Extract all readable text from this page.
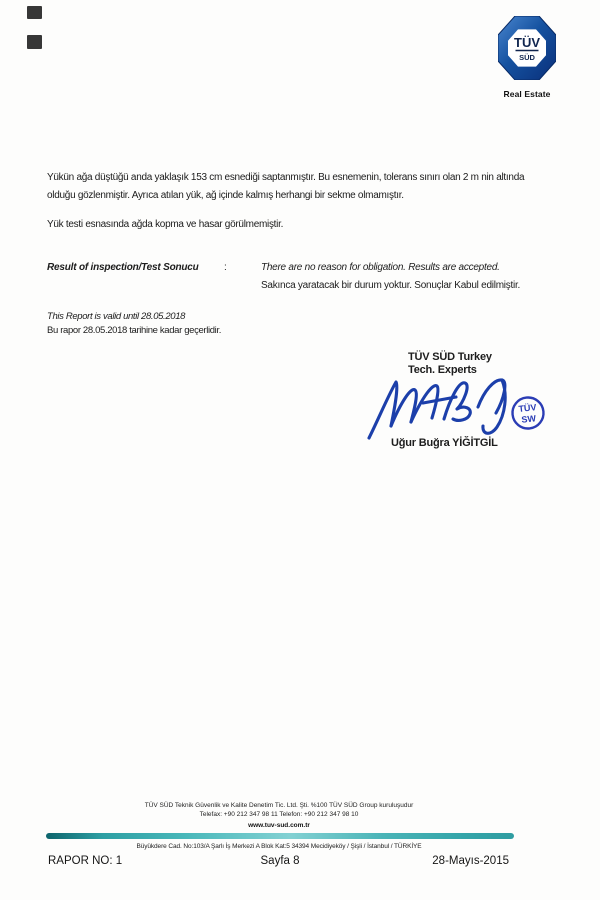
TÜV
SÜD
Real Estate
Yükün ağa düştüğü anda yaklaşık 153 cm esnediği saptanmıştır. Bu esnemenin, tolerans sınırı olan 2 m nin altında
olduğu gözlenmiştir. Ayrıca atılan yük, ağ içinde kalmış herhangi bir sekme olmamıştır.
Yük testi esnasında ağda kopma ve hasar görülmemiştir.
Result of inspection/Test Sonucu	:	There are no reason for obligation. Results are accepted.
Sakınca yaratacak bir durum yoktur. Sonuçlar Kabul edilmiştir.
This Report is valid until 28.05.2018
Bu rapor 28.05.2018 tarihine kadar geçerlidir.
TÜV SÜD Turkey
Tech. Experts
TÜV
SW
Uğur Buğra YİĞİTGİL
TÜV SÜD Teknik Güvenlik ve Kalite Denetim Tic. Ltd. Şti. %100 TÜV SÜD Group kuruluşudur
Telefax: +90 212 347 98 11 Telefon: +90 212 347 98 10
www.tuv-sud.com.tr
Büyükdere Cad. No:103/A Şarlı İş Merkezi A Blok Kat:5 34394 Mecidiyeköy / Şişli / İstanbul / TÜRKİYE
RAPOR NO: 1	Sayfa 8	28-Mayıs-2015
